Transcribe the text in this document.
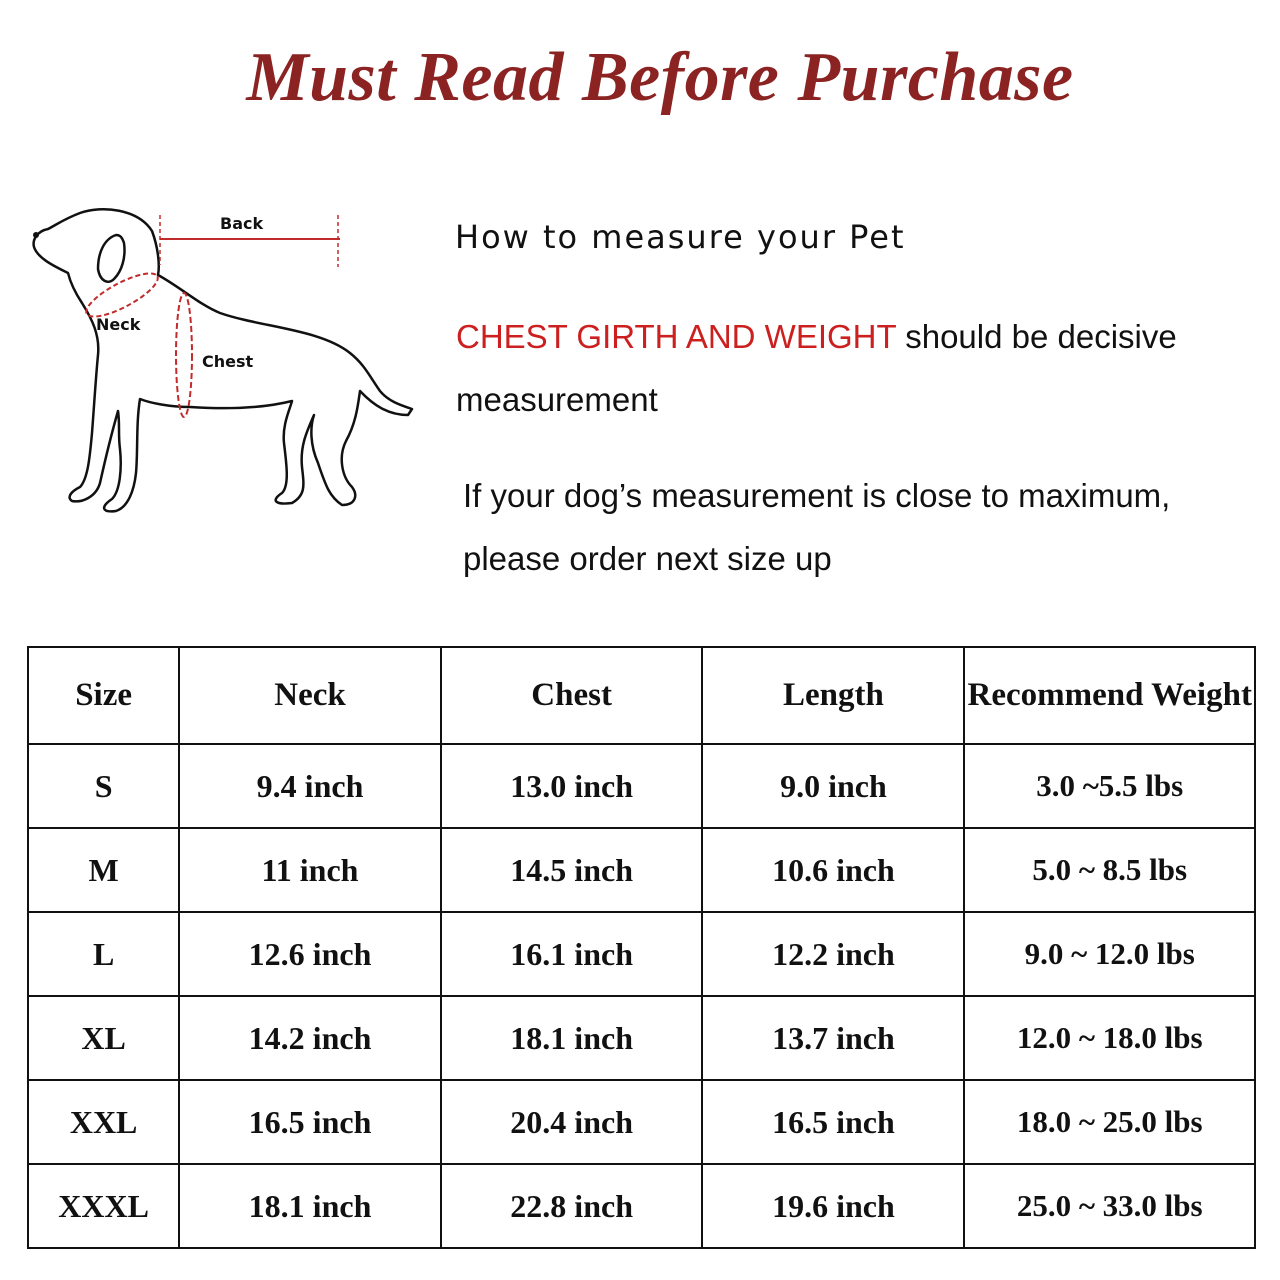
Must Read Before Purchase
Back
Neck
Chest
How to measure your Pet
CHEST GIRTH AND WEIGHT should be decisive
measurement
If your dog’s measurement is close to maximum,
please order next size up
Size	Neck	Chest	Length	Recommend Weight
S	9.4 inch	13.0 inch	9.0 inch	3.0 ~5.5 lbs
M	11 inch	14.5 inch	10.6 inch	5.0 ~ 8.5 lbs
L	12.6 inch	16.1 inch	12.2 inch	9.0 ~ 12.0 lbs
XL	14.2 inch	18.1 inch	13.7 inch	12.0 ~ 18.0 lbs
XXL	16.5 inch	20.4 inch	16.5 inch	18.0 ~ 25.0 lbs
XXXL	18.1 inch	22.8 inch	19.6 inch	25.0 ~ 33.0 lbs
